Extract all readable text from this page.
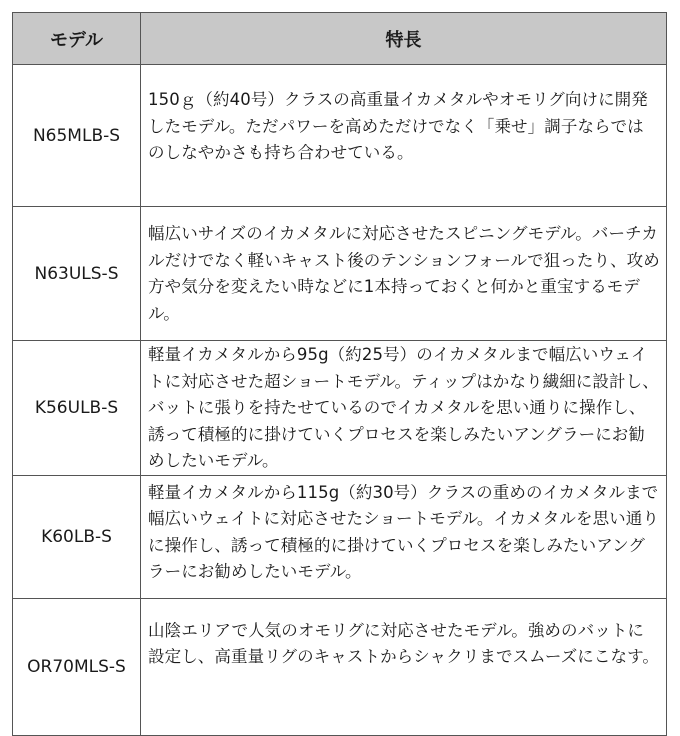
モデル	特長
N65MLB-S	150ｇ（約40号）クラスの高重量イカメタルやオモリグ向けに開発したモデル。ただパワーを高めただけでなく「乗せ」調子ならではのしなやかさも持ち合わせている。

N63ULS-S	幅広いサイズのイカメタルに対応させたスピニングモデル。バーチカルだけでなく軽いキャスト後のテンションフォールで狙ったり、攻め方や気分を変えたい時などに1本持っておくと何かと重宝するモデル。

K56ULB-S	軽量イカメタルから95g（約25号）のイカメタルまで幅広いウェイトに対応させた超ショートモデル。ティップはかなり繊細に設計し、バットに張りを持たせているのでイカメタルを思い通りに操作し、誘って積極的に掛けていくプロセスを楽しみたいアングラーにお勧めしたいモデル。

K60LB-S	軽量イカメタルから115g（約30号）クラスの重めのイカメタルまで幅広いウェイトに対応させたショートモデル。イカメタルを思い通りに操作し、誘って積極的に掛けていくプロセスを楽しみたいアングラーにお勧めしたいモデル。

OR70MLS-S	山陰エリアで人気のオモリグに対応させたモデル。強めのバットに設定し、高重量リグのキャストからシャクリまでスムーズにこなす。
